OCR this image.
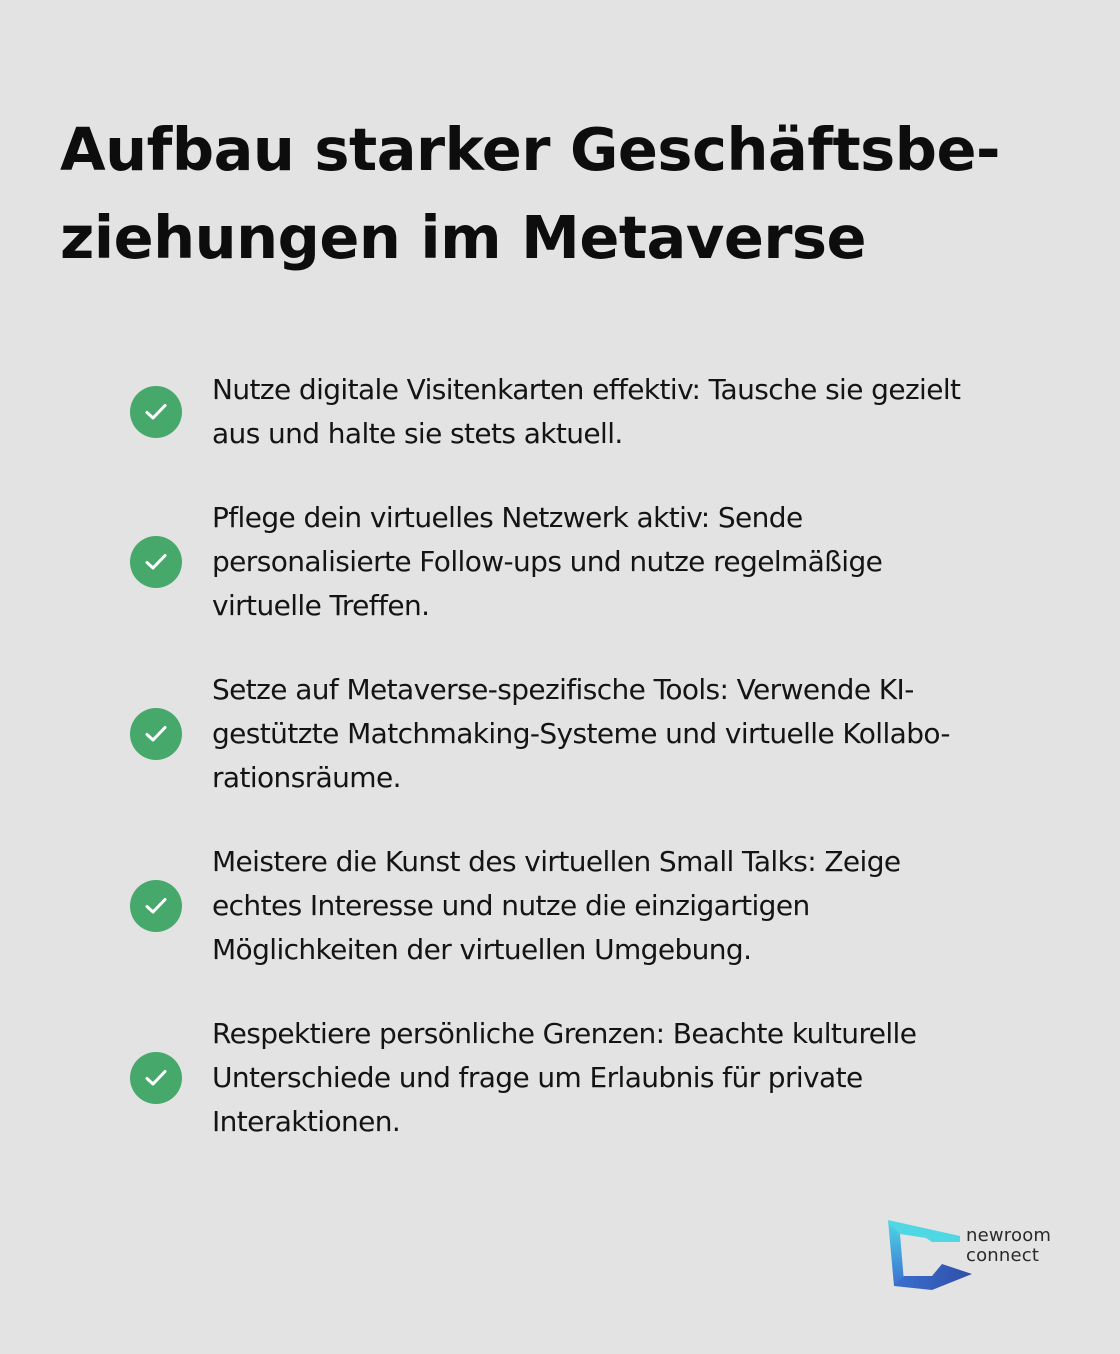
Aufbau starker Geschäftsbe-
ziehungen im Metaverse
Nutze digitale Visitenkarten effektiv: Tausche sie gezielt
aus und halte sie stets aktuell.
Pflege dein virtuelles Netzwerk aktiv: Sende
personalisierte Follow-ups und nutze regelmäßige
virtuelle Treffen.
Setze auf Metaverse-spezifische Tools: Verwende KI-
gestützte Matchmaking-Systeme und virtuelle Kollabo-
rationsräume.
Meistere die Kunst des virtuellen Small Talks: Zeige
echtes Interesse und nutze die einzigartigen
Möglichkeiten der virtuellen Umgebung.
Respektiere persönliche Grenzen: Beachte kulturelle
Unterschiede und frage um Erlaubnis für private
Interaktionen.
newroom
connect
